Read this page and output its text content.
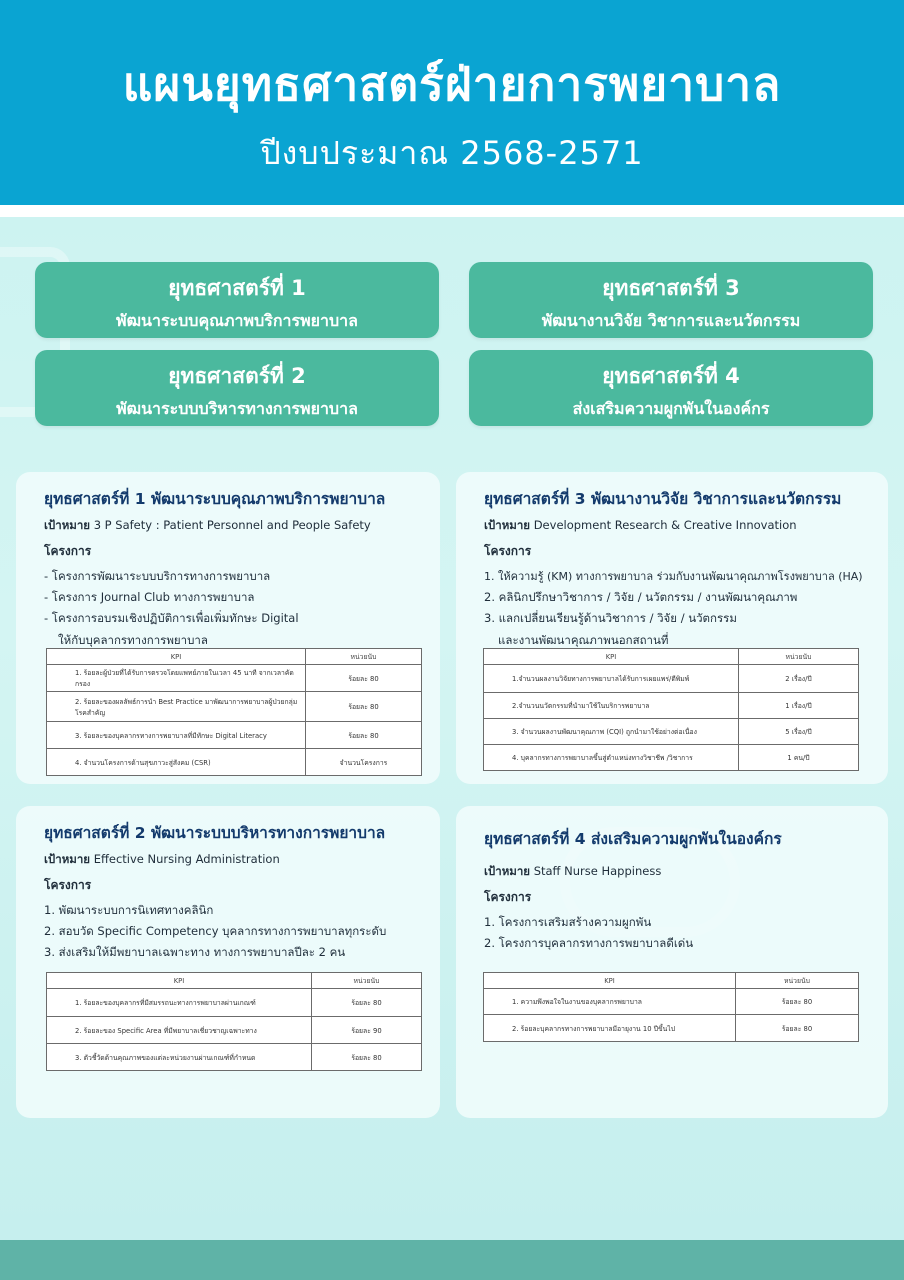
แผนยุทธศาสตร์ฝ่ายการพยาบาล
ปีงบประมาณ 2568-2571
ยุทธศาสตร์ที่ 1
พัฒนาระบบคุณภาพบริการพยาบาล
ยุทธศาสตร์ที่ 2
พัฒนาระบบบริหารทางการพยาบาล
ยุทธศาสตร์ที่ 3
พัฒนางานวิจัย วิชาการและนวัตกรรม
ยุทธศาสตร์ที่ 4
ส่งเสริมความผูกพันในองค์กร
ยุทธศาสตร์ที่ 1 พัฒนาระบบคุณภาพบริการพยาบาล
เป้าหมาย 3 P Safety : Patient Personnel and People Safety
โครงการ
- โครงการพัฒนาระบบบริการทางการพยาบาล
- โครงการ Journal Club ทางการพยาบาล
- โครงการอบรมเชิงปฏิบัติการเพื่อเพิ่มทักษะ Digital
ให้กับบุคลากรทางการพยาบาล
KPI	หน่วยนับ
1. ร้อยละผู้ป่วยที่ได้รับการตรวจโดยแพทย์ภายในเวลา 45 นาที จากเวลาคัดกรอง	ร้อยละ 80
2. ร้อยละของผลลัพธ์การนำ Best Practice มาพัฒนาการพยาบาลผู้ป่วยกลุ่มโรคสำคัญ	ร้อยละ 80
3. ร้อยละของบุคลากรทางการพยาบาลที่มีทักษะ Digital Literacy	ร้อยละ 80
4. จำนวนโครงการด้านสุขภาวะสู่สังคม (CSR)	จำนวนโครงการ
ยุทธศาสตร์ที่ 3 พัฒนางานวิจัย วิชาการและนวัตกรรม
เป้าหมาย Development Research & Creative Innovation
โครงการ
1. ให้ความรู้ (KM) ทางการพยาบาล ร่วมกับงานพัฒนาคุณภาพโรงพยาบาล (HA)
2. คลินิกปรึกษาวิชาการ / วิจัย / นวัตกรรม / งานพัฒนาคุณภาพ
3. แลกเปลี่ยนเรียนรู้ด้านวิชาการ / วิจัย / นวัตกรรม
และงานพัฒนาคุณภาพนอกสถานที่
KPI	หน่วยนับ
1.จำนวนผลงานวิจัยทางการพยาบาลได้รับการเผยแพร่/ตีพิมพ์	2 เรื่อง/ปี
2.จำนวนนวัตกรรมที่นำมาใช้ในบริการพยาบาล	1 เรื่อง/ปี
3. จำนวนผลงานพัฒนาคุณภาพ (CQI) ถูกนำมาใช้อย่างต่อเนื่อง	5 เรื่อง/ปี
4. บุคลากรทางการพยาบาลขึ้นสู่ตำแหน่งทางวิชาชีพ /วิชาการ	1 คน/ปี
ยุทธศาสตร์ที่ 2 พัฒนาระบบบริหารทางการพยาบาล
เป้าหมาย Effective Nursing Administration
โครงการ
1. พัฒนาระบบการนิเทศทางคลินิก
2. สอบวัด Specific Competency บุคลากรทางการพยาบาลทุกระดับ
3. ส่งเสริมให้มีพยาบาลเฉพาะทาง ทางการพยาบาลปีละ 2 คน
KPI	หน่วยนับ
1. ร้อยละของบุคลากรที่มีสมรรถนะทางการพยาบาลผ่านเกณฑ์	ร้อยละ 80
2. ร้อยละของ Specific Area ที่มีพยาบาลเชี่ยวชาญเฉพาะทาง	ร้อยละ 90
3. ตัวชี้วัดด้านคุณภาพของแต่ละหน่วยงานผ่านเกณฑ์ที่กำหนด	ร้อยละ 80
ยุทธศาสตร์ที่ 4 ส่งเสริมความผูกพันในองค์กร
เป้าหมาย Staff Nurse Happiness
โครงการ
1. โครงการเสริมสร้างความผูกพัน
2. โครงการบุคลากรทางการพยาบาลดีเด่น
KPI	หน่วยนับ
1. ความพึงพอใจในงานของบุคลากรพยาบาล	ร้อยละ 80
2. ร้อยละบุคลากรทางการพยาบาลมีอายุงาน 10 ปีขึ้นไป	ร้อยละ 80
